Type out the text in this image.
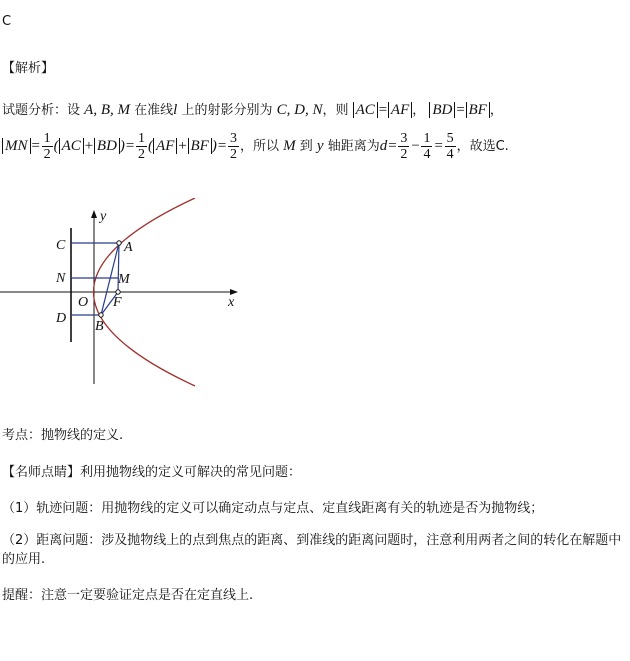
C
【解析】
试题分析：设 A, B, M 在准线l 上的射影分别为 C, D, N，则 AC = AF ， BD = BF ，
MN = $\frac{1}{2}$ ( AC + BD )= $\frac{1}{2}$ ( AF + BF )= $\frac{3}{2}$ ，所以 M 到 y 轴距离为$d= \frac{3}{2} - \frac{1}{4} = \frac{5}{4}$ ，故选C.
y
x
C	A
N	M
O F
D
B
考点：抛物线的定义.
【名师点睛】利用抛物线的定义可解决的常见问题：
（1）轨迹问题：用抛物线的定义可以确定动点与定点、定直线距离有关的轨迹是否为抛物线；
（2）距离问题：涉及抛物线上的点到焦点的距离、到准线的距离问题时，注意利用两者之间的转化在解题中的应用.
提醒：注意一定要验证定点是否在定直线上.
